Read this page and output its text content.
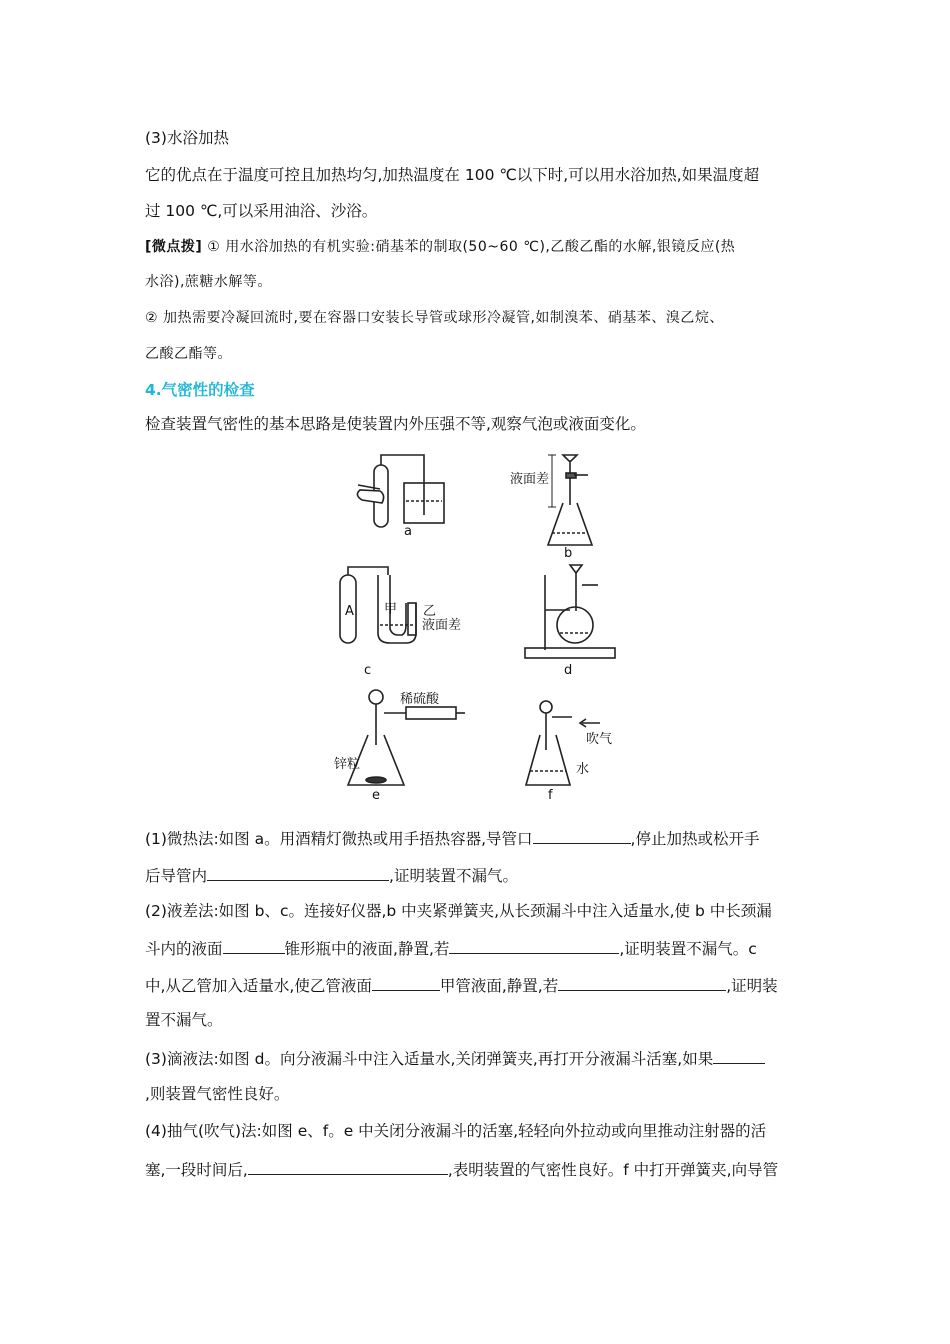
(3)水浴加热
它的优点在于温度可控且加热均匀,加热温度在 100 ℃以下时,可以用水浴加热,如果温度超
过 100 ℃,可以采用油浴、沙浴。
[微点拨] ① 用水浴加热的有机实验:硝基苯的制取(50~60 ℃),乙酸乙酯的水解,银镜反应(热
水浴),蔗糖水解等。
② 加热需要冷凝回流时,要在容器口安装长导管或球形冷凝管,如制溴苯、硝基苯、溴乙烷、
乙酸乙酯等。
4.气密性的检查
检查装置气密性的基本思路是使装置内外压强不等,观察气泡或液面变化。
a
b
液面差
c
A 甲 乙
液面差
d
稀硫酸
锌粒
e
吹气
水
f
(1)微热法:如图 a。用酒精灯微热或用手捂热容器,导管口	,停止加热或松开手
后导管内	,证明装置不漏气。
(2)液差法:如图 b、c。连接好仪器,b 中夹紧弹簧夹,从长颈漏斗中注入适量水,使 b 中长颈漏
斗内的液面	锥形瓶中的液面,静置,若	,证明装置不漏气。c
中,从乙管加入适量水,使乙管液面	甲管液面,静置,若	,证明装
置不漏气。
(3)滴液法:如图 d。向分液漏斗中注入适量水,关闭弹簧夹,再打开分液漏斗活塞,如果
,则装置气密性良好。
(4)抽气(吹气)法:如图 e、f。e 中关闭分液漏斗的活塞,轻轻向外拉动或向里推动注射器的活
塞,一段时间后,	,表明装置的气密性良好。f 中打开弹簧夹,向导管
